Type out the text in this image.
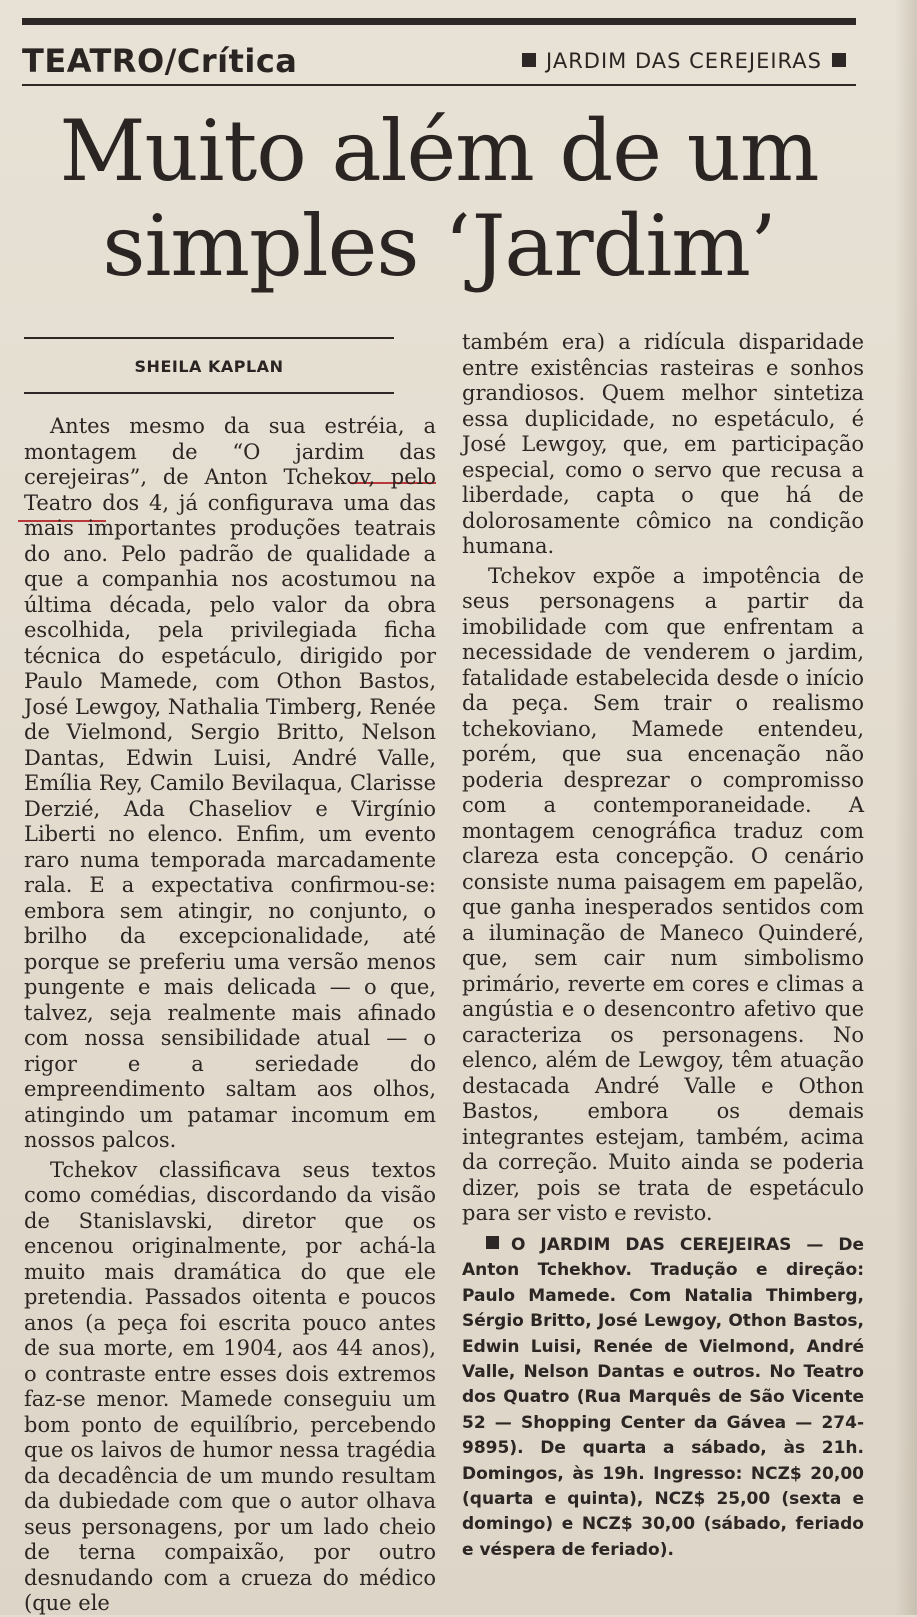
TEATRO/Crítica	JARDIM DAS CEREJEIRAS
Muito além de um
simples ‘Jardim’
SHEILA KAPLAN

Antes mesmo da sua estréia, a montagem de “O jardim das cerejeiras”, de Anton Tchekov, pelo Teatro dos 4, já configurava uma das mais importantes produções teatrais do ano. Pelo padrão de qualidade a que a companhia nos acostumou na última década, pelo valor da obra escolhida, pela privilegiada ficha técnica do espetáculo, dirigido por Paulo Mamede, com Othon Bastos, José Lewgoy, Nathalia Timberg, Renée de Vielmond, Sergio Britto, Nelson Dantas, Edwin Luisi, André Valle, Emília Rey, Camilo Bevilaqua, Clarisse Derzié, Ada Chaseliov e Virgínio Liberti no elenco. Enfim, um evento raro numa temporada marcadamente rala. E a expectativa confirmou-se: embora sem atingir, no conjunto, o brilho da excepcionalidade, até porque se preferiu uma versão menos pungente e mais delicada — o que, talvez, seja realmente mais afinado com nossa sensibilidade atual — o rigor e a seriedade do empreendimento saltam aos olhos, atingindo um patamar incomum em nossos palcos.

Tchekov classificava seus textos como comédias, discordando da visão de Stanislavski, diretor que os encenou originalmente, por achá-la muito mais dramática do que ele pretendia. Passados oitenta e poucos anos (a peça foi escrita pouco antes de sua morte, em 1904, aos 44 anos), o contraste entre esses dois extremos faz-se menor. Mamede conseguiu um bom ponto de equilíbrio, percebendo que os laivos de humor nessa tragédia da decadência de um mundo resultam da dubiedade com que o autor olhava seus personagens, por um lado cheio de terna compaixão, por outro desnudando com a crueza do médico (que ele

também era) a ridícula disparidade entre existências rasteiras e sonhos grandiosos. Quem melhor sintetiza essa duplicidade, no espetáculo, é José Lewgoy, que, em participação especial, como o servo que recusa a liberdade, capta o que há de dolorosamente cômico na condição humana.

Tchekov expõe a impotência de seus personagens a partir da imobilidade com que enfrentam a necessidade de venderem o jardim, fatalidade estabelecida desde o início da peça. Sem trair o realismo tchekoviano, Mamede entendeu, porém, que sua encenação não poderia desprezar o compromisso com a contemporaneidade. A montagem cenográfica traduz com clareza esta concepção. O cenário consiste numa paisagem em papelão, que ganha inesperados sentidos com a iluminação de Maneco Quinderé, que, sem cair num simbolismo primário, reverte em cores e climas a angústia e o desencontro afetivo que caracteriza os personagens. No elenco, além de Lewgoy, têm atuação destacada André Valle e Othon Bastos, embora os demais integrantes estejam, também, acima da correção. Muito ainda se poderia dizer, pois se trata de espetáculo para ser visto e revisto.

O JARDIM DAS CEREJEIRAS — De Anton Tchekhov. Tradução e direção: Paulo Mamede. Com Natalia Thimberg, Sérgio Britto, José Lewgoy, Othon Bastos, Edwin Luisi, Renée de Vielmond, André Valle, Nelson Dantas e outros. No Teatro dos Quatro (Rua Marquês de São Vicente 52 — Shopping Center da Gávea — 274-9895). De quarta a sábado, às 21h. Domingos, às 19h. Ingresso: NCZ$ 20,00 (quarta e quinta), NCZ$ 25,00 (sexta e domingo) e NCZ$ 30,00 (sábado, feriado e véspera de feriado).
